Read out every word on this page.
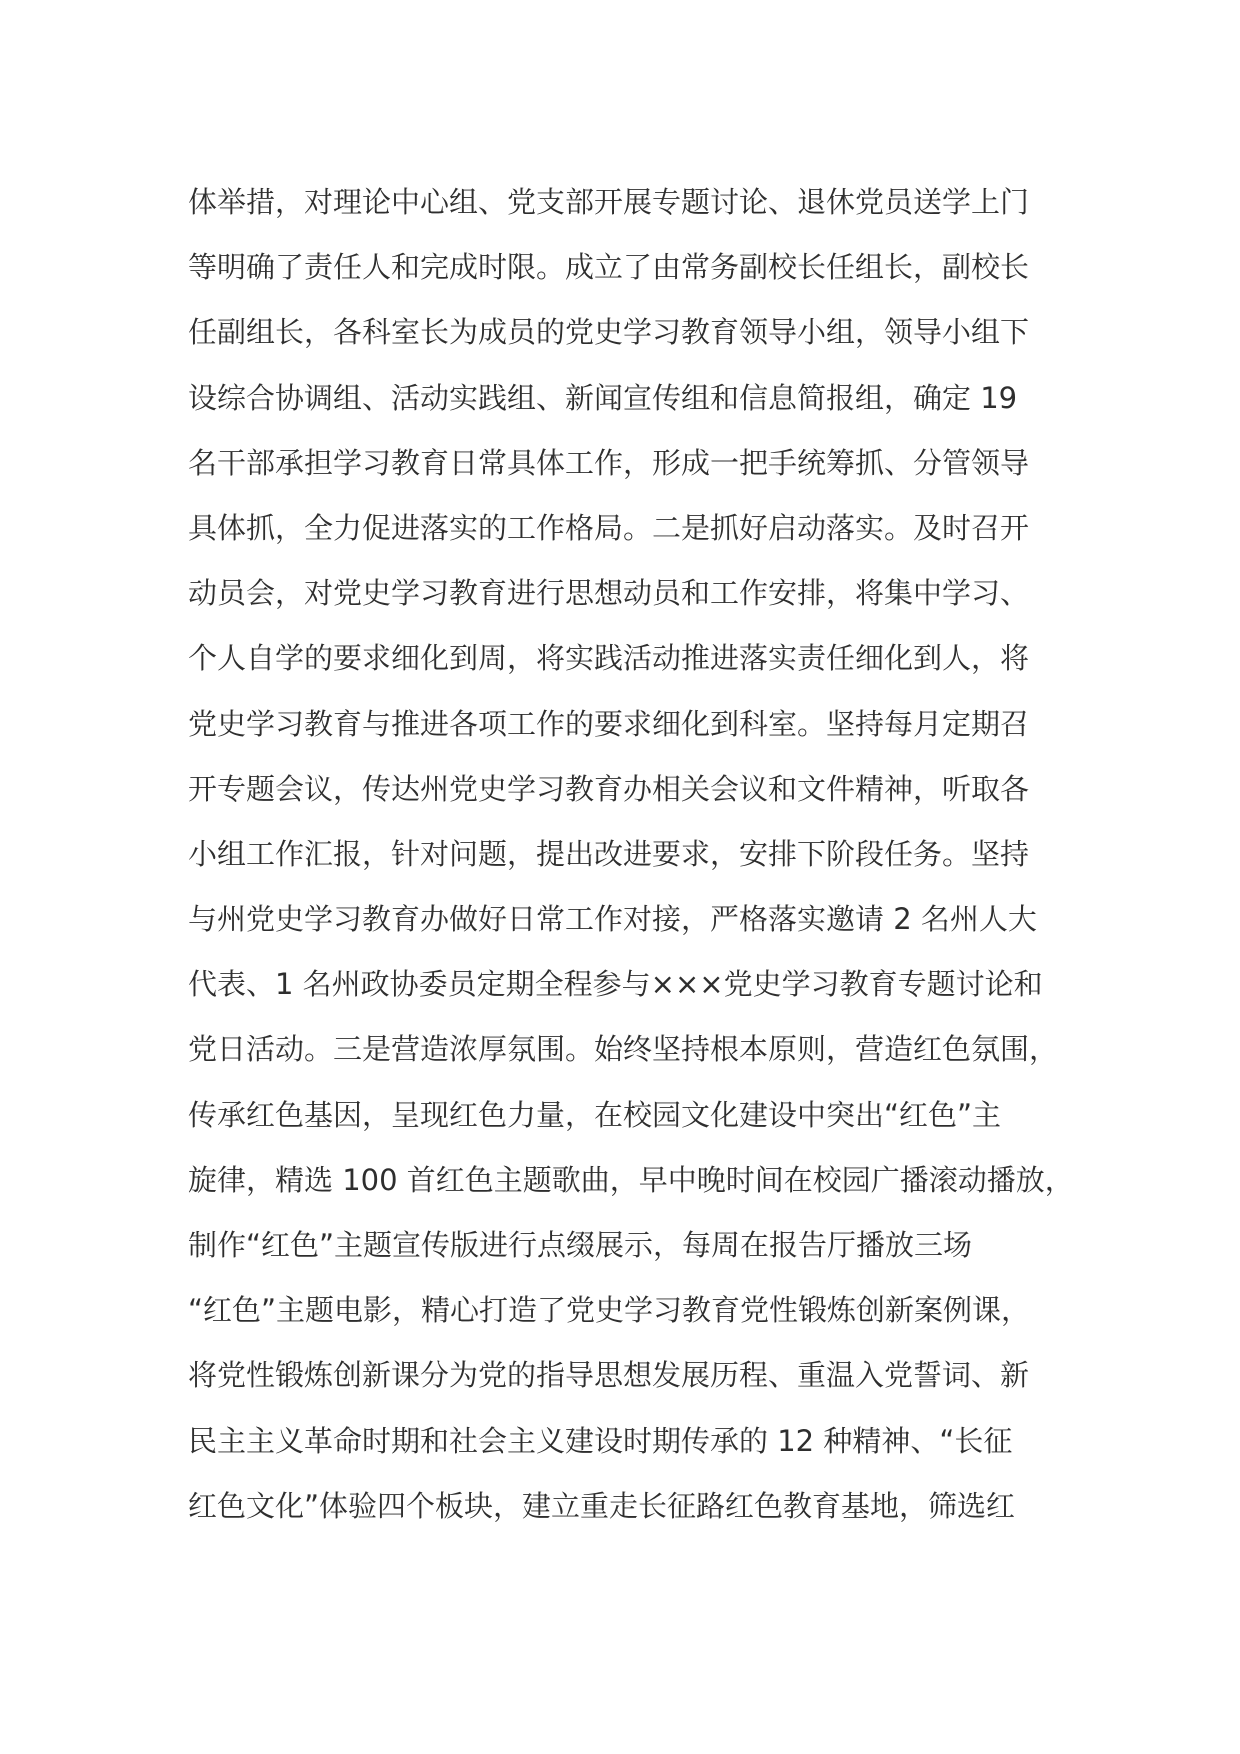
体举措，对理论中心组、党支部开展专题讨论、退休党员送学上门
等明确了责任人和完成时限。成立了由常务副校长任组长，副校长
任副组长，各科室长为成员的党史学习教育领导小组，领导小组下
设综合协调组、活动实践组、新闻宣传组和信息简报组，确定 19
名干部承担学习教育日常具体工作，形成一把手统筹抓、分管领导
具体抓，全力促进落实的工作格局。二是抓好启动落实。及时召开
动员会，对党史学习教育进行思想动员和工作安排，将集中学习、
个人自学的要求细化到周，将实践活动推进落实责任细化到人，将
党史学习教育与推进各项工作的要求细化到科室。坚持每月定期召
开专题会议，传达州党史学习教育办相关会议和文件精神，听取各
小组工作汇报，针对问题，提出改进要求，安排下阶段任务。坚持
与州党史学习教育办做好日常工作对接，严格落实邀请 2 名州人大
代表、1 名州政协委员定期全程参与×××党史学习教育专题讨论和
党日活动。三是营造浓厚氛围。始终坚持根本原则，营造红色氛围，
传承红色基因，呈现红色力量，在校园文化建设中突出“红色”主
旋律，精选 100 首红色主题歌曲，早中晚时间在校园广播滚动播放，
制作“红色”主题宣传版进行点缀展示，每周在报告厅播放三场
“红色”主题电影，精心打造了党史学习教育党性锻炼创新案例课，
将党性锻炼创新课分为党的指导思想发展历程、重温入党誓词、新
民主主义革命时期和社会主义建设时期传承的 12 种精神、“长征
红色文化”体验四个板块，建立重走长征路红色教育基地，筛选红
